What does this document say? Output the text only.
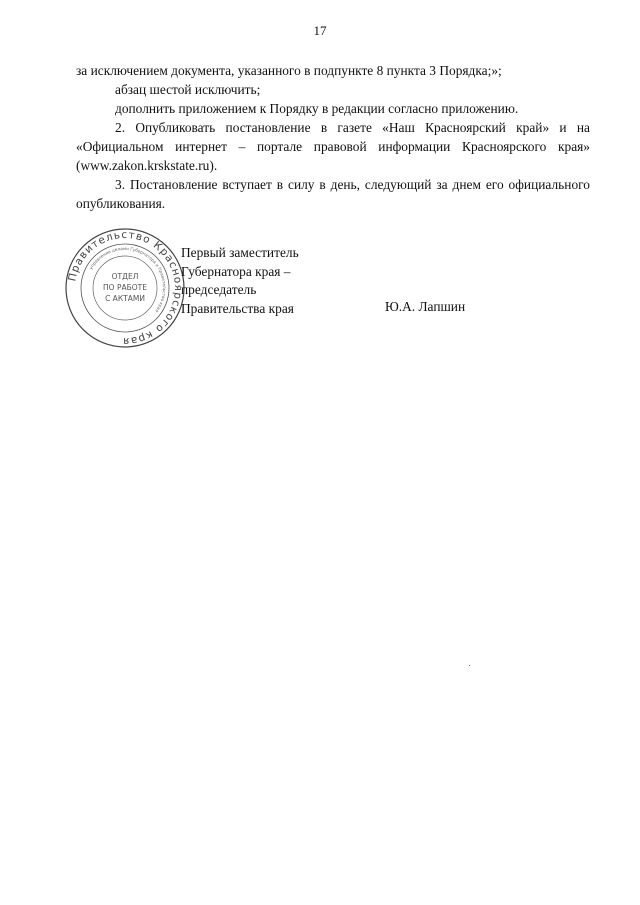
17

за исключением документа, указанного в подпункте 8 пункта 3 Порядка;»;

абзац шестой исключить;

дополнить приложением к Порядку в редакции согласно приложению.

2. Опубликовать постановление в газете «Наш Красноярский край» и на «Официальном интернет – портале правовой информации Красноярского края» (www.zakon.krskstate.ru).

3. Постановление вступает в силу в день, следующий за днем его официального опубликования.

Правительство Красноярского края
управление делами Губернатора и Правительства края
ОТДЕЛ
ПО РАБОТЕ
С АКТАМИ
Первый заместитель
Губернатора края –
председатель
Правительства края	Ю.А. Лапшин
